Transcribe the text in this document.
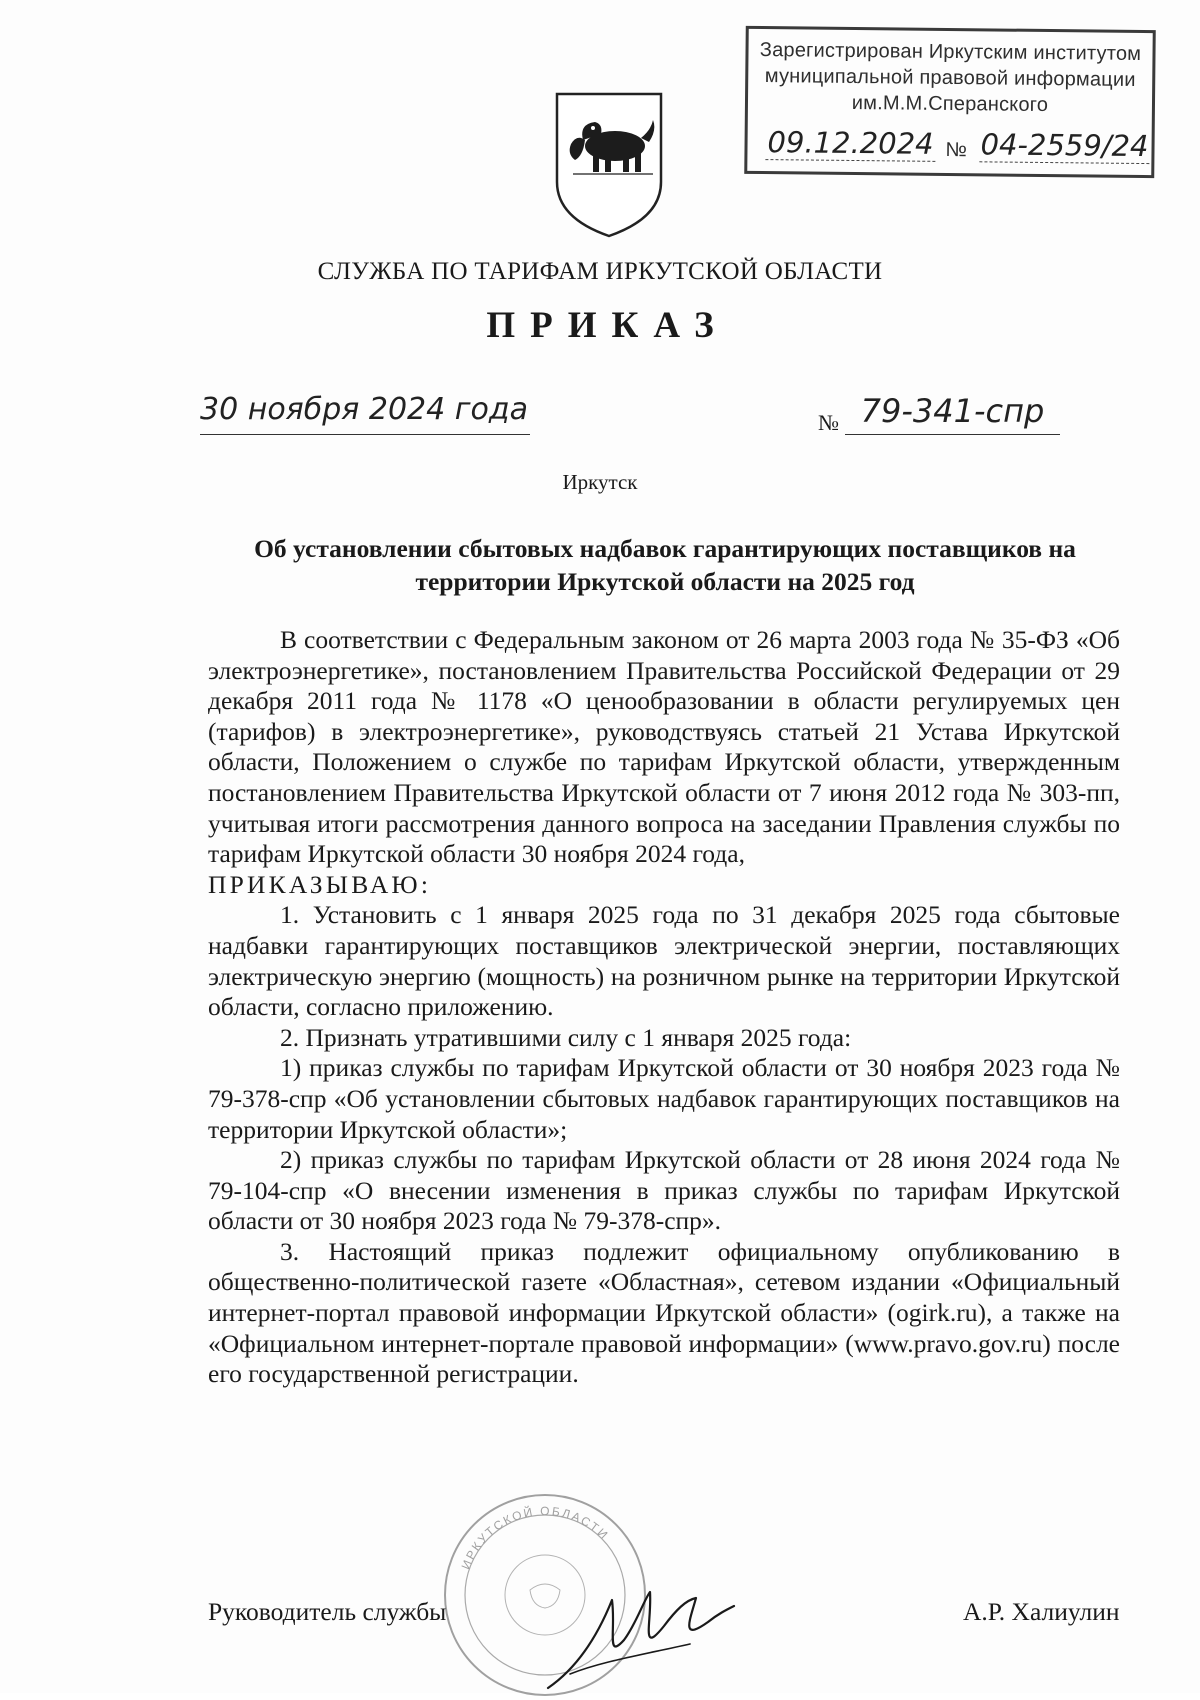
Зарегистрирован Иркутским институтом
муниципальной правовой информации
им.М.М.Сперанского
09.12.2024 № 04-2559/24
СЛУЖБА ПО ТАРИФАМ ИРКУТСКОЙ ОБЛАСТИ
ПРИКАЗ
30 ноября 2024 года	№ 79-341-спр
Иркутск
Об установлении сбытовых надбавок гарантирующих поставщиков на
территории Иркутской области на 2025 год

В соответствии с Федеральным законом от 26 марта 2003 года № 35-ФЗ «Об электроэнергетике», постановлением Правительства Российской Федерации от 29 декабря 2011 года № 1178 «О ценообразовании в области регулируемых цен (тарифов) в электроэнергетике», руководствуясь статьей 21 Устава Иркутской области, Положением о службе по тарифам Иркутской области, утвержденным постановлением Правительства Иркутской области от 7 июня 2012 года № 303-пп, учитывая итоги рассмотрения данного вопроса на заседании Правления службы по тарифам Иркутской области 30 ноября 2024 года,

ПРИКАЗЫВАЮ:

1. Установить с 1 января 2025 года по 31 декабря 2025 года сбытовые надбавки гарантирующих поставщиков электрической энергии, поставляющих электрическую энергию (мощность) на розничном рынке на территории Иркутской области, согласно приложению.

2. Признать утратившими силу с 1 января 2025 года:

1) приказ службы по тарифам Иркутской области от 30 ноября 2023 года № 79-378-спр «Об установлении сбытовых надбавок гарантирующих поставщиков на территории Иркутской области»;

2) приказ службы по тарифам Иркутской области от 28 июня 2024 года № 79-104-спр «О внесении изменения в приказ службы по тарифам Иркутской области от 30 ноября 2023 года № 79-378-спр».

3. Настоящий приказ подлежит официальному опубликованию в общественно-политической газете «Областная», сетевом издании «Официальный интернет-портал правовой информации Иркутской области» (ogirk.ru), а также на «Официальном интернет-портале правовой информации» (www.pravo.gov.ru) после его государственной регистрации.

ИРКУТСКОЙ ОБЛАСТИ
Руководитель службы	А.Р. Халиулин
